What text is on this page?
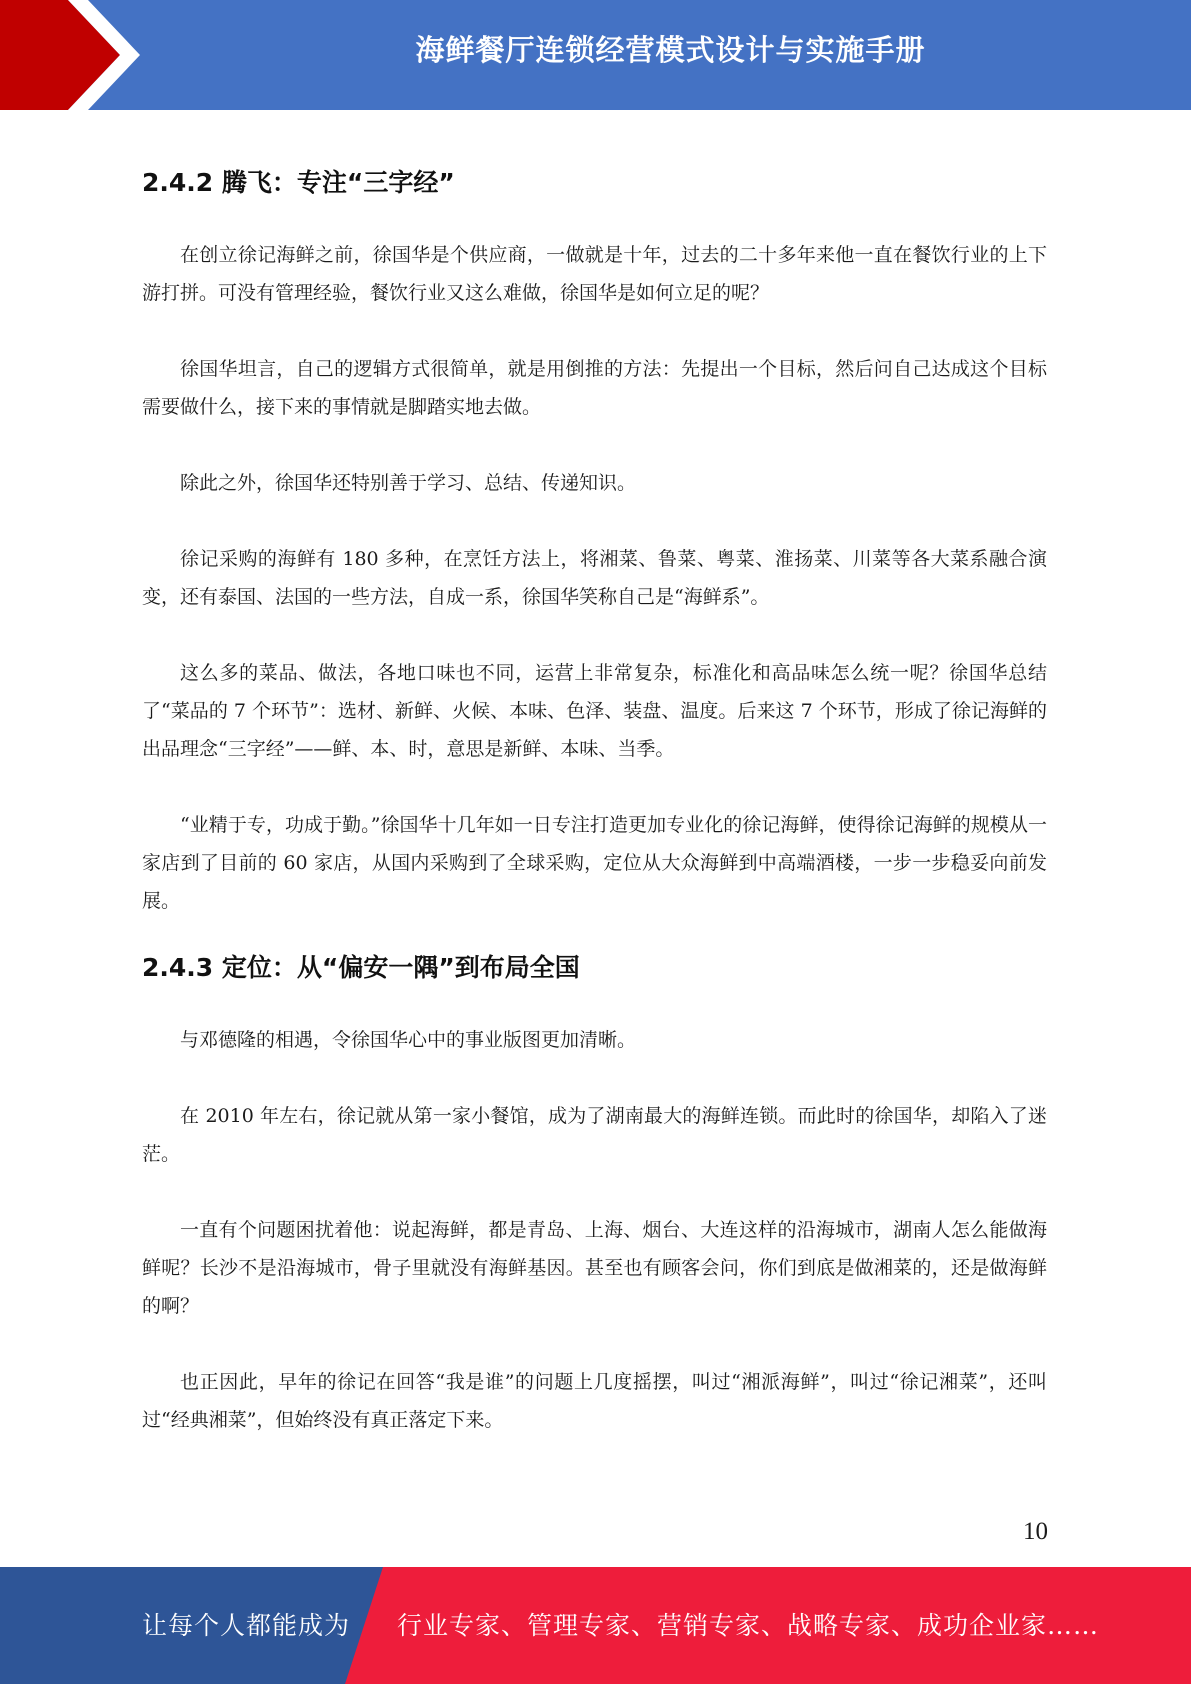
海鲜餐厅连锁经营模式设计与实施手册
2.4.2 腾飞：专注“三字经”

在创立徐记海鲜之前，徐国华是个供应商，一做就是十年，过去的二十多年来他一直在餐饮行业的上下游打拼。可没有管理经验，餐饮行业又这么难做，徐国华是如何立足的呢？

徐国华坦言，自己的逻辑方式很简单，就是用倒推的方法：先提出一个目标，然后问自己达成这个目标需要做什么，接下来的事情就是脚踏实地去做。

除此之外，徐国华还特别善于学习、总结、传递知识。

徐记采购的海鲜有 180 多种，在烹饪方法上，将湘菜、鲁菜、粤菜、淮扬菜、川菜等各大菜系融合演变，还有泰国、法国的一些方法，自成一系，徐国华笑称自己是“海鲜系”。

这么多的菜品、做法，各地口味也不同，运营上非常复杂，标准化和高品味怎么统一呢？徐国华总结了“菜品的 7 个环节”：选材、新鲜、火候、本味、色泽、装盘、温度。后来这 7 个环节，形成了徐记海鲜的出品理念“三字经”——鲜、本、时，意思是新鲜、本味、当季。

“业精于专，功成于勤。”徐国华十几年如一日专注打造更加专业化的徐记海鲜，使得徐记海鲜的规模从一家店到了目前的 60 家店，从国内采购到了全球采购，定位从大众海鲜到中高端酒楼，一步一步稳妥向前发展。

2.4.3 定位：从“偏安一隅”到布局全国

与邓德隆的相遇，令徐国华心中的事业版图更加清晰。

在 2010 年左右，徐记就从第一家小餐馆，成为了湖南最大的海鲜连锁。而此时的徐国华，却陷入了迷茫。

一直有个问题困扰着他：说起海鲜，都是青岛、上海、烟台、大连这样的沿海城市，湖南人怎么能做海鲜呢？长沙不是沿海城市，骨子里就没有海鲜基因。甚至也有顾客会问，你们到底是做湘菜的，还是做海鲜的啊？

也正因此，早年的徐记在回答“我是谁”的问题上几度摇摆，叫过“湘派海鲜”，叫过“徐记湘菜”，还叫过“经典湘菜”，但始终没有真正落定下来。

10
让每个人都能成为 行业专家、管理专家、营销专家、战略专家、成功企业家……
